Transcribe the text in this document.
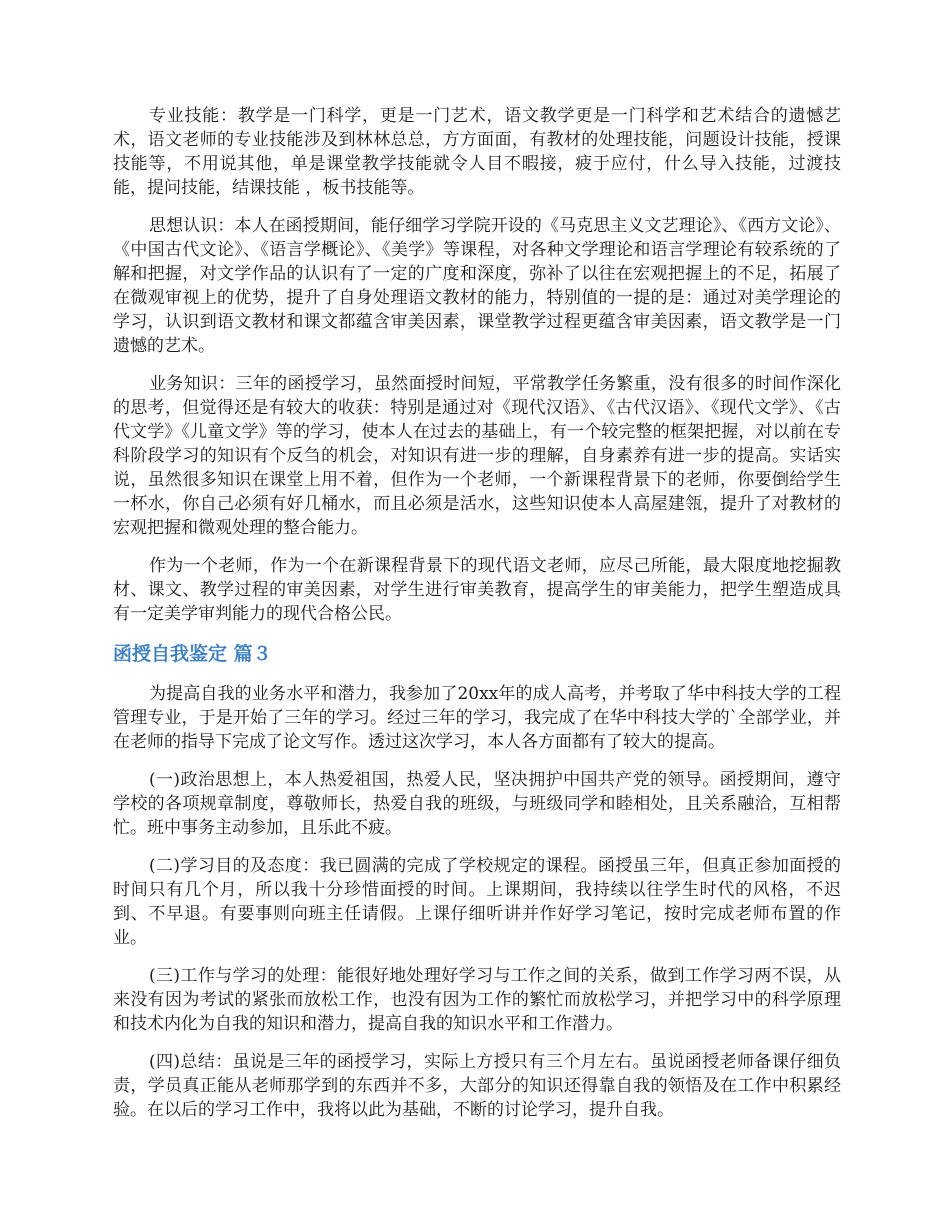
专业技能：教学是一门科学，更是一门艺术，语文教学更是一门科学和艺术结合的遗憾艺术，语文老师的专业技能涉及到林林总总，方方面面，有教材的处理技能，问题设计技能，授课技能等，不用说其他，单是课堂教学技能就令人目不暇接，疲于应付，什么导入技能，过渡技能，提问技能，结课技能 ，板书技能等。

思想认识：本人在函授期间，能仔细学习学院开设的《马克思主义文艺理论》、《西方文论》、《中国古代文论》、《语言学概论》、《美学》等课程，对各种文学理论和语言学理论有较系统的了解和把握，对文学作品的认识有了一定的广度和深度，弥补了以往在宏观把握上的不足，拓展了在微观审视上的优势，提升了自身处理语文教材的能力，特别值的一提的是：通过对美学理论的学习，认识到语文教材和课文都蕴含审美因素，课堂教学过程更蕴含审美因素，语文教学是一门遗憾的艺术。

业务知识：三年的函授学习，虽然面授时间短，平常教学任务繁重，没有很多的时间作深化的思考，但觉得还是有较大的收获：特别是通过对《现代汉语》、《古代汉语》、《现代文学》、《古代文学》《儿童文学》等的学习，使本人在过去的基础上，有一个较完整的框架把握，对以前在专科阶段学习的知识有个反刍的机会，对知识有进一步的理解，自身素养有进一步的提高。实话实说，虽然很多知识在课堂上用不着，但作为一个老师，一个新课程背景下的老师，你要倒给学生一杯水，你自己必须有好几桶水，而且必须是活水，这些知识使本人高屋建瓴，提升了对教材的宏观把握和微观处理的整合能力。

作为一个老师，作为一个在新课程背景下的现代语文老师，应尽己所能，最大限度地挖掘教材、课文、教学过程的审美因素，对学生进行审美教育，提高学生的审美能力，把学生塑造成具有一定美学审判能力的现代合格公民。

函授自我鉴定 篇３

为提高自我的业务水平和潜力，我参加了20xx年的成人高考，并考取了华中科技大学的工程管理专业，于是开始了三年的学习。经过三年的学习，我完成了在华中科技大学的`全部学业，并在老师的指导下完成了论文写作。透过这次学习，本人各方面都有了较大的提高。

(一)政治思想上，本人热爱祖国，热爱人民，坚决拥护中国共产党的领导。函授期间，遵守学校的各项规章制度，尊敬师长，热爱自我的班级，与班级同学和睦相处，且关系融洽，互相帮忙。班中事务主动参加，且乐此不疲。

(二)学习目的及态度：我已圆满的完成了学校规定的课程。函授虽三年，但真正参加面授的时间只有几个月，所以我十分珍惜面授的时间。上课期间，我持续以往学生时代的风格，不迟到、不早退。有要事则向班主任请假。上课仔细听讲并作好学习笔记，按时完成老师布置的作业。

(三)工作与学习的处理：能很好地处理好学习与工作之间的关系，做到工作学习两不误，从来没有因为考试的紧张而放松工作，也没有因为工作的繁忙而放松学习，并把学习中的科学原理和技术内化为自我的知识和潜力，提高自我的知识水平和工作潜力。

(四)总结：虽说是三年的函授学习，实际上方授只有三个月左右。虽说函授老师备课仔细负责，学员真正能从老师那学到的东西并不多，大部分的知识还得靠自我的领悟及在工作中积累经验。在以后的学习工作中，我将以此为基础，不断的讨论学习，提升自我。
